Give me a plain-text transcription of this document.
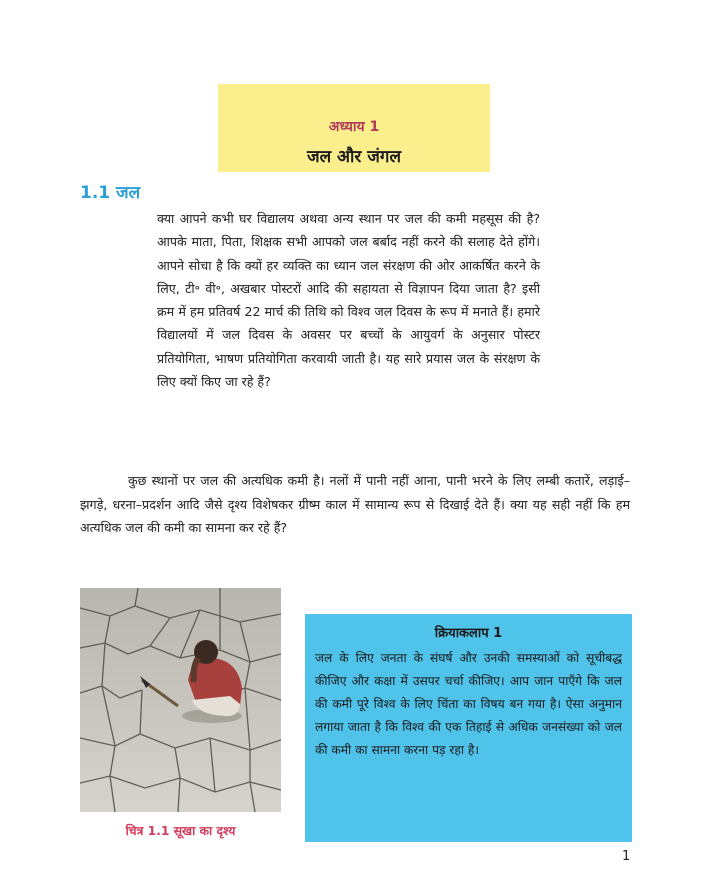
अध्याय 1
जल और जंगल
1.1 जल

क्या आपने कभी घर विद्यालय अथवा अन्य स्थान पर जल की कमी महसूस की है? आपके माता, पिता, शिक्षक सभी आपको जल बर्बाद नहीं करने की सलाह देते होंगे। आपने सोचा है कि क्यों हर व्यक्ति का ध्यान जल संरक्षण की ओर आकर्षित करने के लिए, टी॰ वी॰, अखबार पोस्टरों आदि की सहायता से विज्ञापन दिया जाता है? इसी क्रम में हम प्रतिवर्ष 22 मार्च की तिथि को विश्व जल दिवस के रूप में मनाते हैं। हमारे विद्यालयों में जल दिवस के अवसर पर बच्चों के आयुवर्ग के अनुसार पोस्टर प्रतियोगिता, भाषण प्रतियोगिता करवायी जाती है। यह सारे प्रयास जल के संरक्षण के लिए क्यों किए जा रहे हैं?

कुछ स्थानों पर जल की अत्यधिक कमी है। नलों में पानी नहीं आना, पानी भरने के लिए लम्बी कतारें, लड़ाई–झगड़े, धरना–प्रदर्शन आदि जैसे दृश्य विशेषकर ग्रीष्म काल में सामान्य रूप से दिखाई देते हैं। क्या यह सही नहीं कि हम अत्यधिक जल की कमी का सामना कर रहे हैं?

चित्र 1.1 सूखा का दृश्य
क्रियाकलाप 1

जल के लिए जनता के संघर्ष और उनकी समस्याओं को सूचीबद्ध कीजिए और कक्षा में उसपर चर्चा कीजिए। आप जान पाएँगे कि जल की कमी पूरे विश्व के लिए चिंता का विषय बन गया है। ऐसा अनुमान लगाया जाता है कि विश्व की एक तिहाई से अधिक जनसंख्या को जल की कमी का सामना करना पड़ रहा है।

1
